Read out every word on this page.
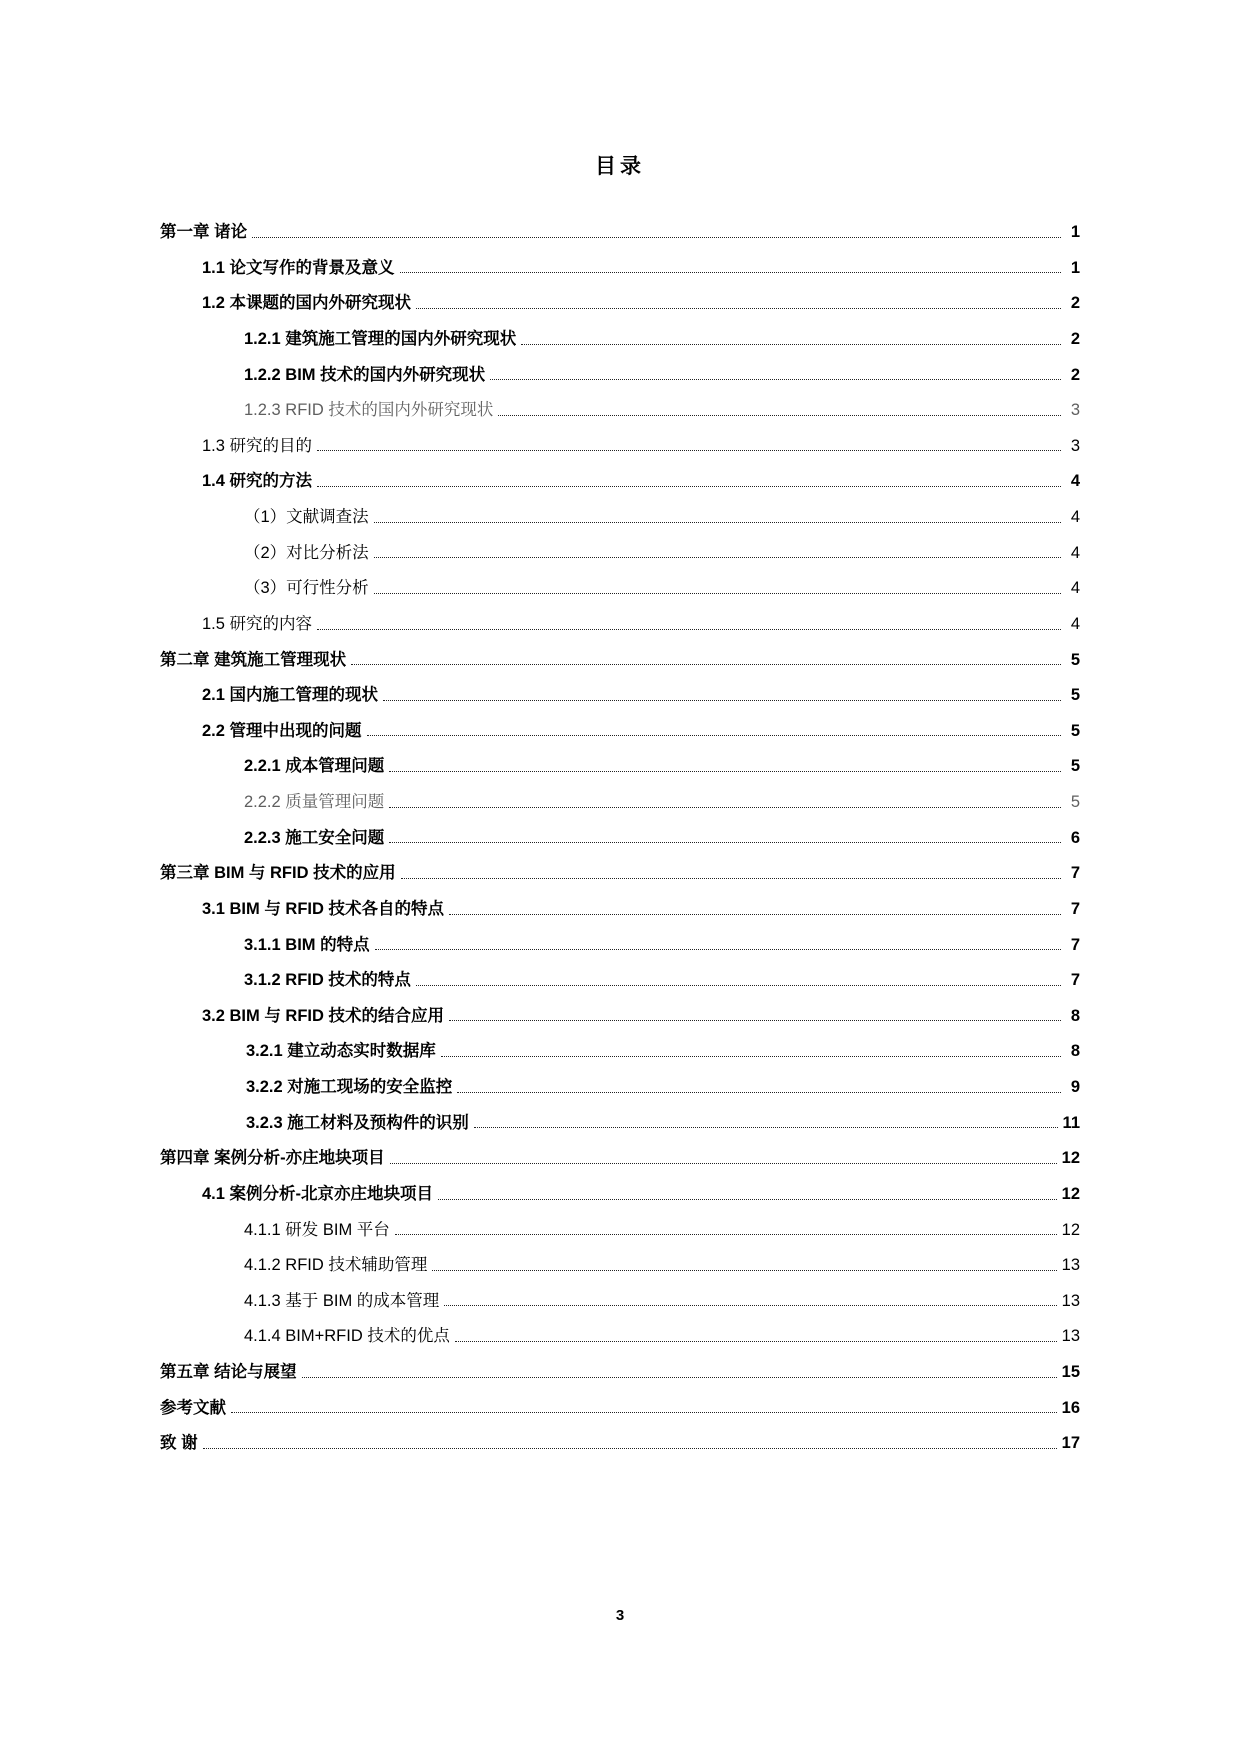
目录
第一章 诸论	1
1.1 论文写作的背景及意义	1
1.2 本课题的国内外研究现状	2
1.2.1 建筑施工管理的国内外研究现状	2
1.2.2 BIM 技术的国内外研究现状	2
1.2.3 RFID 技术的国内外研究现状	3
1.3 研究的目的	3
1.4 研究的方法	4
（1）文献调查法	4
（2）对比分析法	4
（3）可行性分析	4
1.5 研究的内容	4
第二章 建筑施工管理现状	5
2.1 国内施工管理的现状	5
2.2 管理中出现的问题	5
2.2.1 成本管理问题	5
2.2.2 质量管理问题	5
2.2.3 施工安全问题	6
第三章 BIM 与 RFID 技术的应用	7
3.1 BIM 与 RFID 技术各自的特点	7
3.1.1 BIM 的特点	7
3.1.2 RFID 技术的特点	7
3.2 BIM 与 RFID 技术的结合应用	8
3.2.1 建立动态实时数据库	8
3.2.2 对施工现场的安全监控	9
3.2.3 施工材料及预构件的识别	11
第四章 案例分析-亦庄地块项目	12
4.1 案例分析-北京亦庄地块项目	12
4.1.1 研发 BIM 平台	12
4.1.2 RFID 技术辅助管理	13
4.1.3 基于 BIM 的成本管理	13
4.1.4 BIM+RFID 技术的优点	13
第五章 结论与展望	15
参考文献	16
致 谢	17
3
